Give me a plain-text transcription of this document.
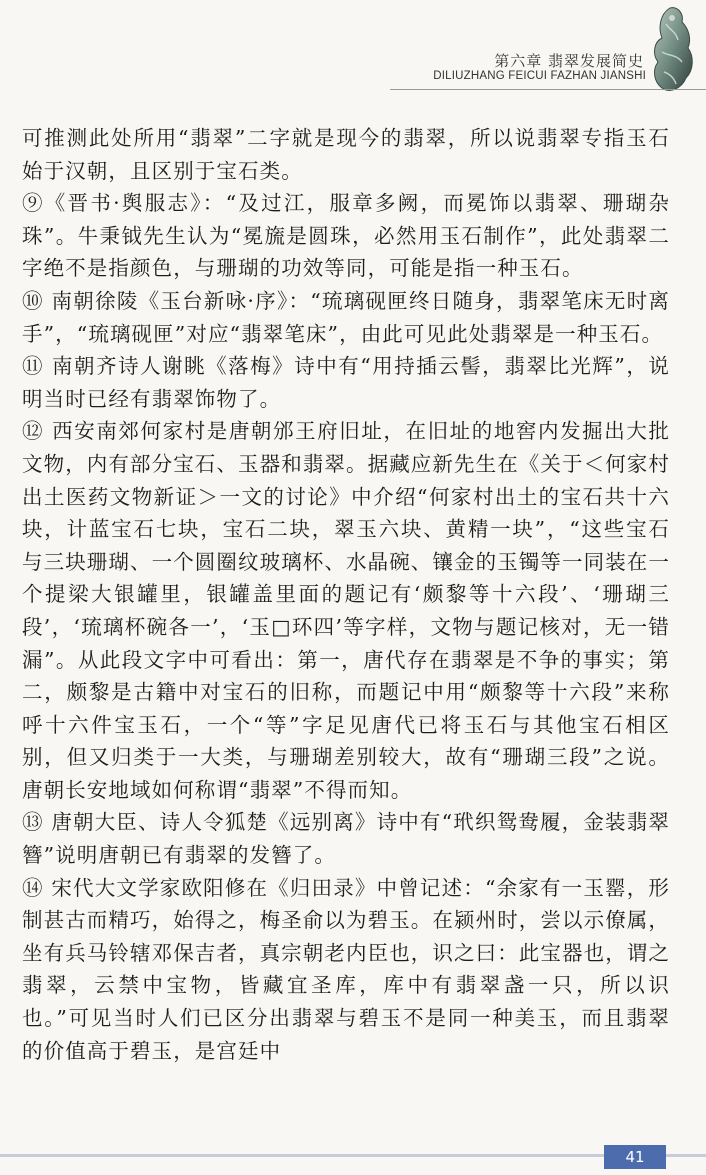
第六章 翡翠发展简史
DILIUZHANG FEICUI FAZHAN JIANSHI

可推测此处所用“翡翠”二字就是现今的翡翠，所以说翡翠专指玉石始于汉朝，且区别于宝石类。

⑨《晋书·舆服志》：“及过江，服章多阙，而冕饰以翡翠、珊瑚杂珠”。牛秉钺先生认为“冕旒是圆珠，必然用玉石制作”，此处翡翠二字绝不是指颜色，与珊瑚的功效等同，可能是指一种玉石。

⑩ 南朝徐陵《玉台新咏·序》：“琉璃砚匣终日随身，翡翠笔床无时离手”，“琉璃砚匣”对应“翡翠笔床”，由此可见此处翡翠是一种玉石。

⑪ 南朝齐诗人谢眺《落梅》诗中有“用持插云髻，翡翠比光辉”，说明当时已经有翡翠饰物了。

⑫ 西安南郊何家村是唐朝邠王府旧址，在旧址的地窖内发掘出大批文物，内有部分宝石、玉器和翡翠。据藏应新先生在《关于＜何家村出土医药文物新证＞一文的讨论》中介绍“何家村出土的宝石共十六块，计蓝宝石七块，宝石二块，翠玉六块、黄精一块”，“这些宝石与三块珊瑚、一个圆圈纹玻璃杯、水晶碗、镶金的玉镯等一同装在一个提梁大银罐里，银罐盖里面的题记有‘颇黎等十六段’、‘珊瑚三段’，‘琉璃杯碗各一’，‘玉□环四’等字样，文物与题记核对，无一错漏”。从此段文字中可看出：第一，唐代存在翡翠是不争的事实；第二，颇黎是古籍中对宝石的旧称，而题记中用“颇黎等十六段”来称呼十六件宝玉石，一个“等”字足见唐代已将玉石与其他宝石相区别，但又归类于一大类，与珊瑚差别较大，故有“珊瑚三段”之说。唐朝长安地域如何称谓“翡翠”不得而知。

⑬ 唐朝大臣、诗人令狐楚《远别离》诗中有“玳织鸳鸯履，金装翡翠簪”说明唐朝已有翡翠的发簪了。

⑭ 宋代大文学家欧阳修在《归田录》中曾记述：“余家有一玉罂，形制甚古而精巧，始得之，梅圣俞以为碧玉。在颍州时，尝以示僚属，坐有兵马铃辖邓保吉者，真宗朝老内臣也，识之曰：此宝器也，谓之翡翠，云禁中宝物，皆藏宜圣库，库中有翡翠盏一只，所以识也。”可见当时人们已区分出翡翠与碧玉不是同一种美玉，而且翡翠的价值高于碧玉，是宫廷中

41
